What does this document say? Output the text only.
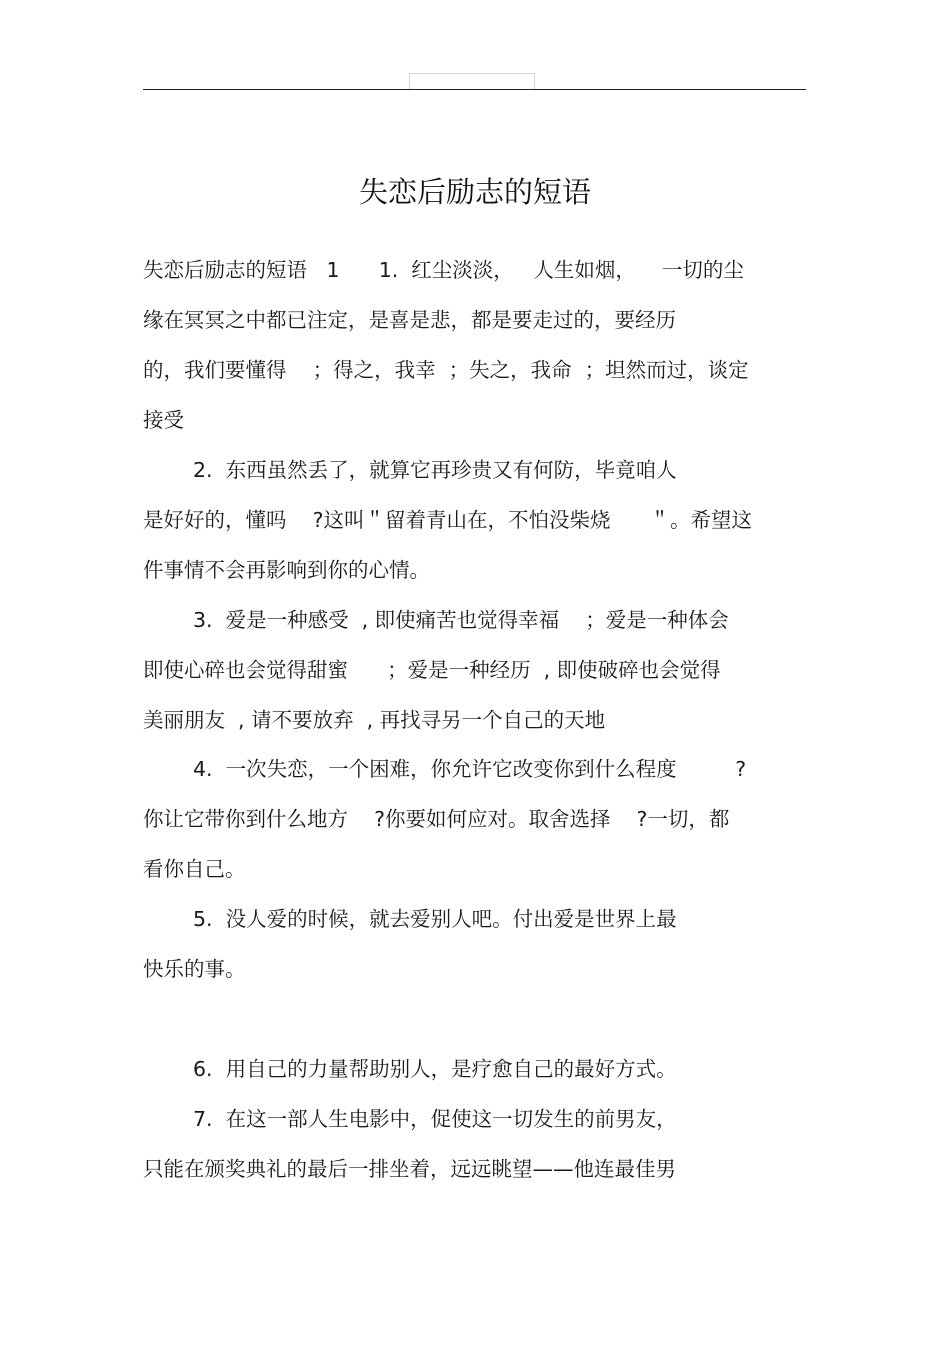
失恋后励志的短语
失恋后励志的短语   1      1.  红尘淡淡，   人生如烟，    一切的尘
缘在冥冥之中都已注定，是喜是悲，都是要走过的，要经历
的，我们要懂得    ；得之，我幸  ；失之，我命  ；坦然而过，谈定
接受
2.  东西虽然丢了，就算它再珍贵又有何防，毕竟咱人
是好好的，懂吗    ?这叫＂留着青山在，不怕没柴烧      ＂。希望这
件事情不会再影响到你的心情。
3.  爱是一种感受  , 即使痛苦也觉得幸福    ；爱是一种体会
即使心碎也会觉得甜蜜      ；爱是一种经历  , 即使破碎也会觉得
美丽朋友  , 请不要放弃  , 再找寻另一个自己的天地
4.  一次失恋，一个困难，你允许它改变你到什么程度         ?
你让它带你到什么地方    ?你要如何应对。取舍选择    ?一切，都
看你自己。
5.  没人爱的时候，就去爱别人吧。付出爱是世界上最
快乐的事。
6.  用自己的力量帮助别人，是疗愈自己的最好方式。
7.  在这一部人生电影中，促使这一切发生的前男友，
只能在颁奖典礼的最后一排坐着，远远眺望——他连最佳男
